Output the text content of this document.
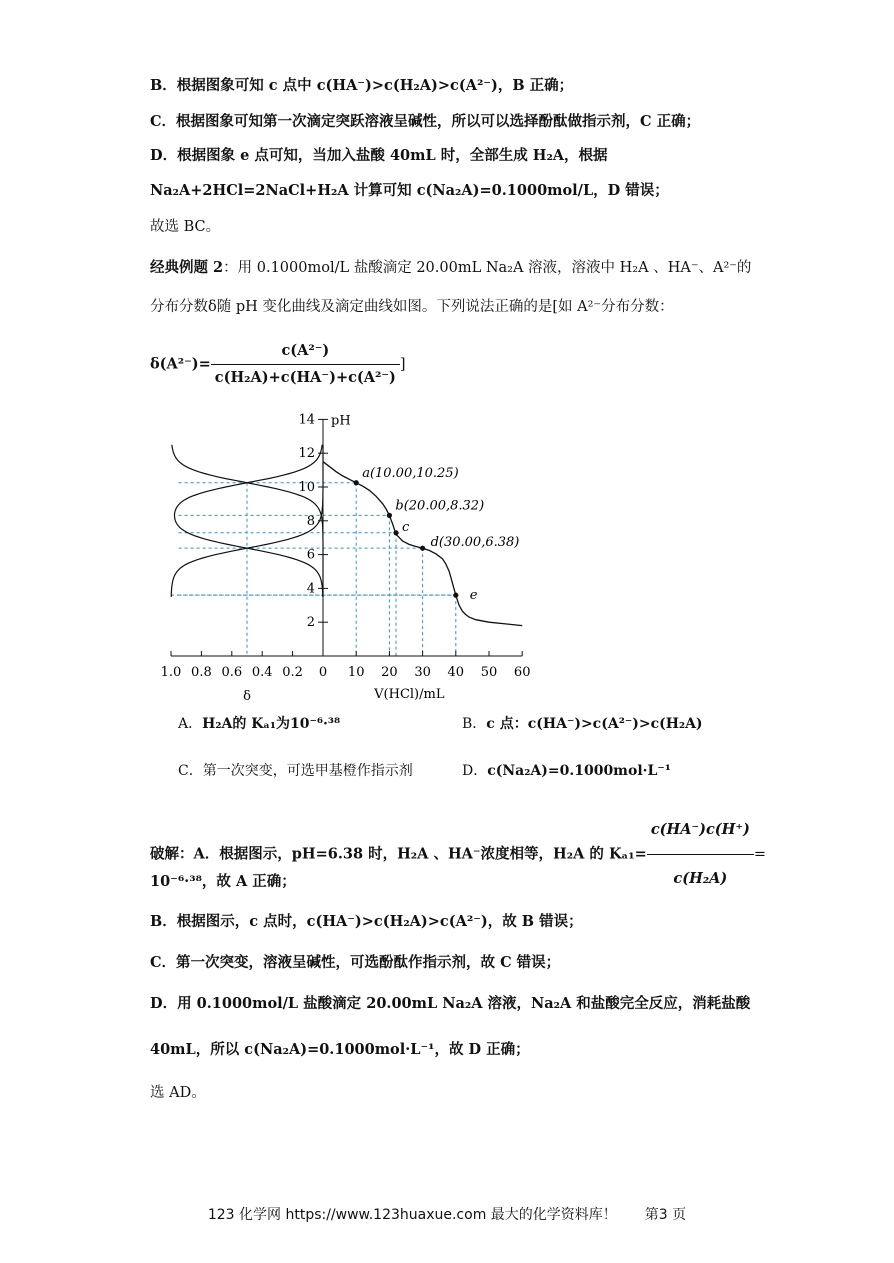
B．根据图象可知 c 点中 c(HA⁻)>c(H₂A)>c(A²⁻)，B 正确；
C．根据图象可知第一次滴定突跃溶液呈碱性，所以可以选择酚酞做指示剂，C 正确；
D．根据图象 e 点可知，当加入盐酸 40mL 时，全部生成 H₂A，根据
Na₂A+2HCl=2NaCl+H₂A 计算可知 c(Na₂A)=0.1000mol/L，D 错误；
故选 BC。
经典例题 2：用 0.1000mol/L 盐酸滴定 20.00mL Na₂A 溶液，溶液中 H₂A 、HA⁻、A²⁻的
分布分数δ随 pH 变化曲线及滴定曲线如图。下列说法正确的是[如 A²⁻分布分数：
$\delta(A^{2-})= \frac{\text{c(A²⁻)}}{\text{c(H₂A)+c(HA⁻)+c(A²⁻)}}$ ]
2
4
6
8
10
12
14 pH
0 10 20 30 40 50 60
1.0 0.8 0.6 0.4 0.2
V(HCl)/mL
δ
a(10.00,10.25)
b(20.00,8.32)
c
d(30.00,6.38)
e
A．H₂A的 Kₐ₁为10⁻⁶·³⁸	B．c 点：c(HA⁻)>c(A²⁻)>c(H₂A)
C．第一次突变，可选甲基橙作指示剂	D．c(Na₂A)=0.1000mol·L⁻¹
破解：A．根据图示，pH=6.38 时，H₂A 、HA⁻浓度相等，H₂A 的 $K_{a1}= \frac{c(HA^-)c(H^+)}{\text{c(H₂A)}}$ =
10⁻⁶·³⁸，故 A 正确；
B．根据图示，c 点时，c(HA⁻)>c(H₂A)>c(A²⁻)，故 B 错误；
C．第一次突变，溶液呈碱性，可选酚酞作指示剂，故 C 错误；
D．用 0.1000mol/L 盐酸滴定 20.00mL Na₂A 溶液，Na₂A 和盐酸完全反应，消耗盐酸
40mL，所以 c(Na₂A)=0.1000mol·L⁻¹，故 D 正确；
选 AD。
123 化学网 https://www.123huaxue.com 最大的化学资料库！ 第3 页
